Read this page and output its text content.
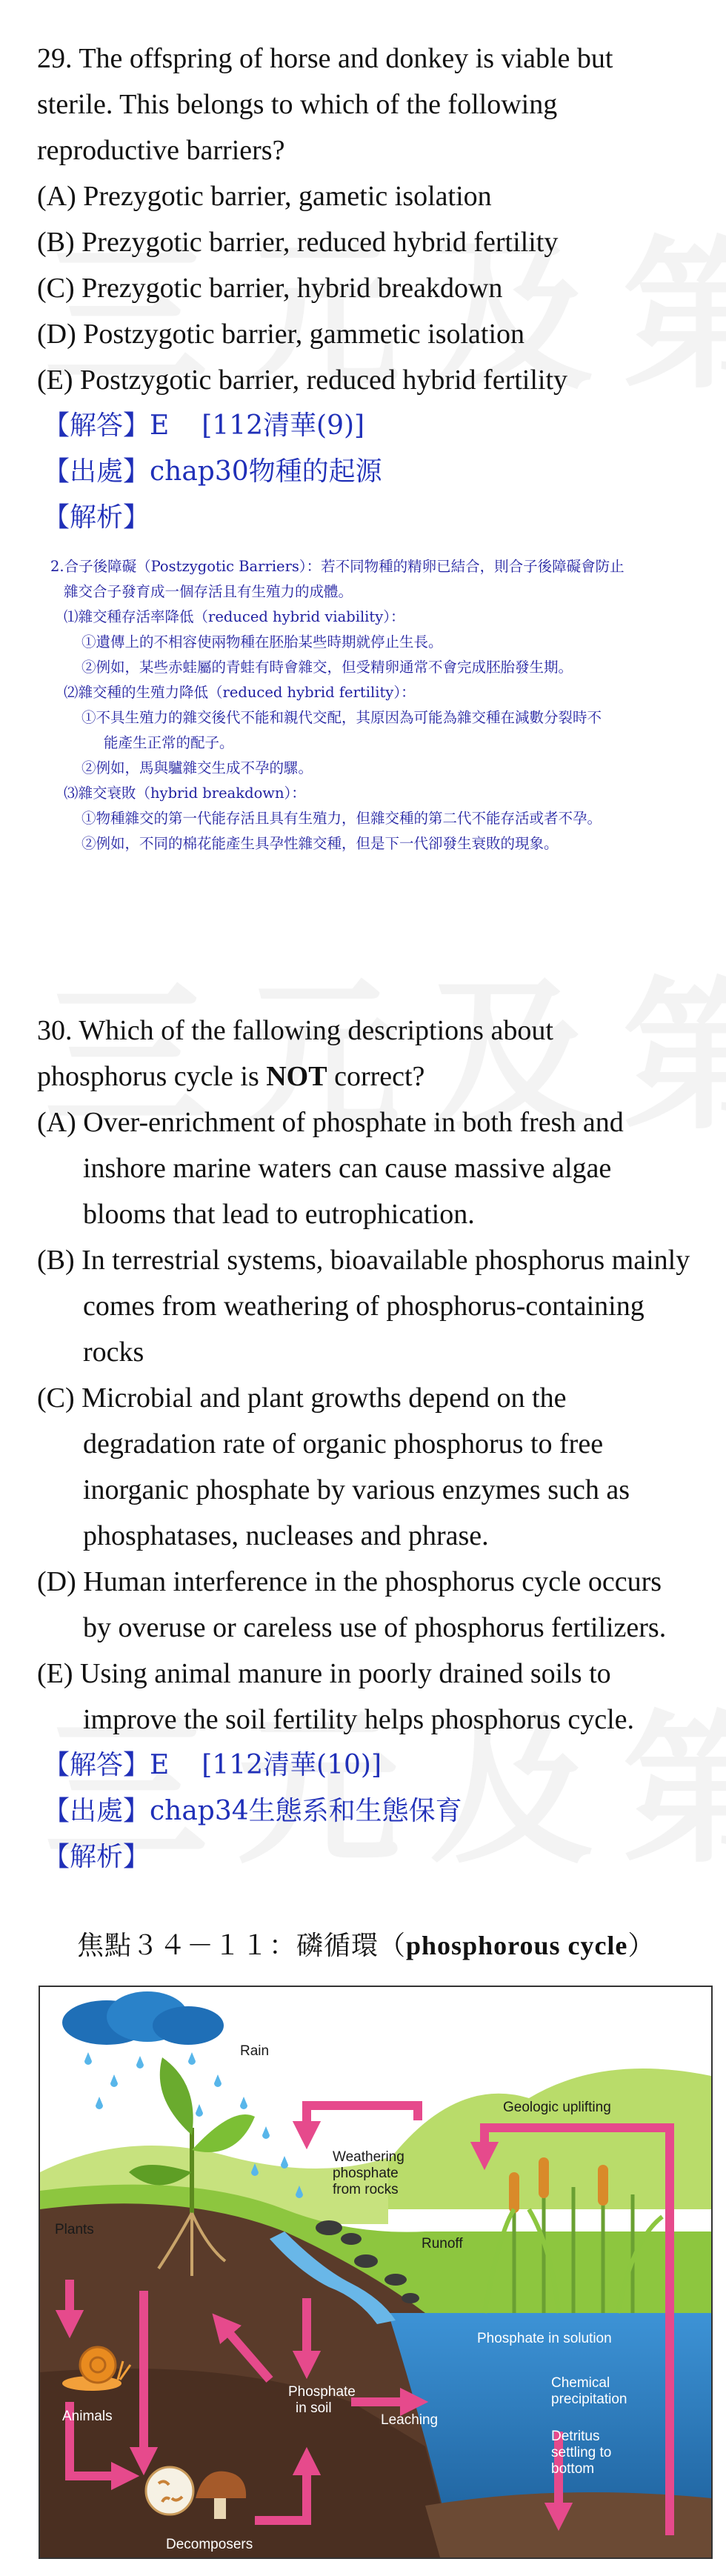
29. The offspring of horse and donkey is viable but

sterile. This belongs to which of the following

reproductive barriers?

(A) Prezygotic barrier, gametic isolation

(B) Prezygotic barrier, reduced hybrid fertility

(C) Prezygotic barrier, hybrid breakdown

(D) Postzygotic barrier, gammetic isolation

(E) Postzygotic barrier, reduced hybrid fertility

【解答】E [112清華(9)]
【出處】chap30物種的起源
【解析】

2.合子後障礙（Postzygotic Barriers）：若不同物種的精卵已結合，則合子後障礙會防止

雜交合子發育成一個存活且有生殖力的成體。

⑴雜交種存活率降低（reduced hybrid viability）：

①遺傳上的不相容使兩物種在胚胎某些時期就停止生長。

②例如，某些赤蛙屬的青蛙有時會雜交，但受精卵通常不會完成胚胎發生期。

⑵雜交種的生殖力降低（reduced hybrid fertility）：

①不具生殖力的雜交後代不能和親代交配，其原因為可能為雜交種在減數分裂時不

能產生正常的配子。

②例如，馬與驢雜交生成不孕的騾。

⑶雜交衰敗（hybrid breakdown）：

①物種雜交的第一代能存活且具有生殖力，但雜交種的第二代不能存活或者不孕。

②例如，不同的棉花能產生具孕性雜交種，但是下一代卻發生衰敗的現象。

30. Which of the fallowing descriptions about

phosphorus cycle is NOT correct?

(A) Over-enrichment of phosphate in both fresh and inshore marine waters can cause massive algae blooms that lead to eutrophication.

(B) In terrestrial systems, bioavailable phosphorus mainly comes from weathering of phosphorus-containing rocks

(C) Microbial and plant growths depend on the degradation rate of organic phosphorus to free inorganic phosphate by various enzymes such as phosphatases, nucleases and phrase.

(D) Human interference in the phosphorus cycle occurs by overuse or careless use of phosphorus fertilizers.

(E) Using animal manure in poorly drained soils to improve the soil fertility helps phosphorus cycle.

【解答】E [112清華(10)]
【出處】chap34生態系和生態保育
【解析】
焦點３４－１１：磷循環（phosphorous cycle）
Rain
Geologic uplifting
Plants
Weathering
phosphate
from rocks
Runoff
Phosphate in solution
Chemical
precipitation
Detritus
settling to
bottom
Phosphate
in soil
Leaching
Animals
Decomposers
